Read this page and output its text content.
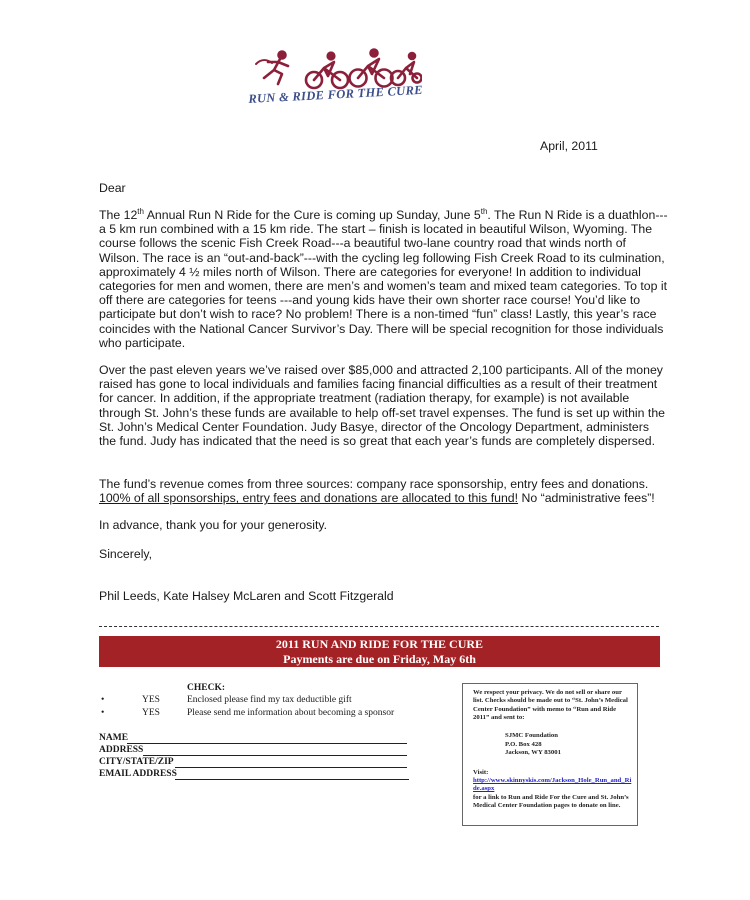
RUN & RIDE FOR THE CURE
April, 2011
Dear

The 12th Annual Run N Ride for the Cure is coming up Sunday, June 5th. The Run N Ride is a duathlon---a 5 km run combined with a 15 km ride. The start – finish is located in beautiful Wilson, Wyoming. The course follows the scenic Fish Creek Road---a beautiful two-lane country road that winds north of Wilson. The race is an “out-and-back”---with the cycling leg following Fish Creek Road to its culmination, approximately 4 ½ miles north of Wilson. There are categories for everyone! In addition to individual categories for men and women, there are men’s and women’s team and mixed team categories. To top it off there are categories for teens ---and young kids have their own shorter race course! You’d like to participate but don’t wish to race? No problem! There is a non-timed “fun” class! Lastly, this year’s race coincides with the National Cancer Survivor’s Day. There will be special recognition for those individuals who participate.

Over the past eleven years we’ve raised over $85,000 and attracted 2,100 participants. All of the money raised has gone to local individuals and families facing financial difficulties as a result of their treatment for cancer. In addition, if the appropriate treatment (radiation therapy, for example) is not available through St. John’s these funds are available to help off-set travel expenses. The fund is set up within the St. John’s Medical Center Foundation. Judy Basye, director of the Oncology Department, administers the fund. Judy has indicated that the need is so great that each year’s funds are completely dispersed.

The fund’s revenue comes from three sources: company race sponsorship, entry fees and donations. 100% of all sponsorships, entry fees and donations are allocated to this fund! No “administrative fees”!

In advance, thank you for your generosity.
Sincerely,
Phil Leeds, Kate Halsey McLaren and Scott Fitzgerald
2011 RUN AND RIDE FOR THE CURE
Payments are due on Friday, May 6th
CHECK:
•	YES	Enclosed please find my tax deductible gift
•	YES	Please send me information about becoming a sponsor
NAME
ADDRESS
CITY/STATE/ZIP
EMAIL ADDRESS
We respect your privacy. We do not sell or share our list. Checks should be made out to “St. John’s Medical Center Foundation” with memo to “Run and Ride 2011” and sent to:
SJMC Foundation
P.O. Box 428
Jackson, WY 83001
Visit:
http://www.skinnyskis.com/Jackson_Hole_Run_and_Ride.aspx
for a link to Run and Ride For the Cure and St. John’s Medical Center Foundation pages to donate on line.
